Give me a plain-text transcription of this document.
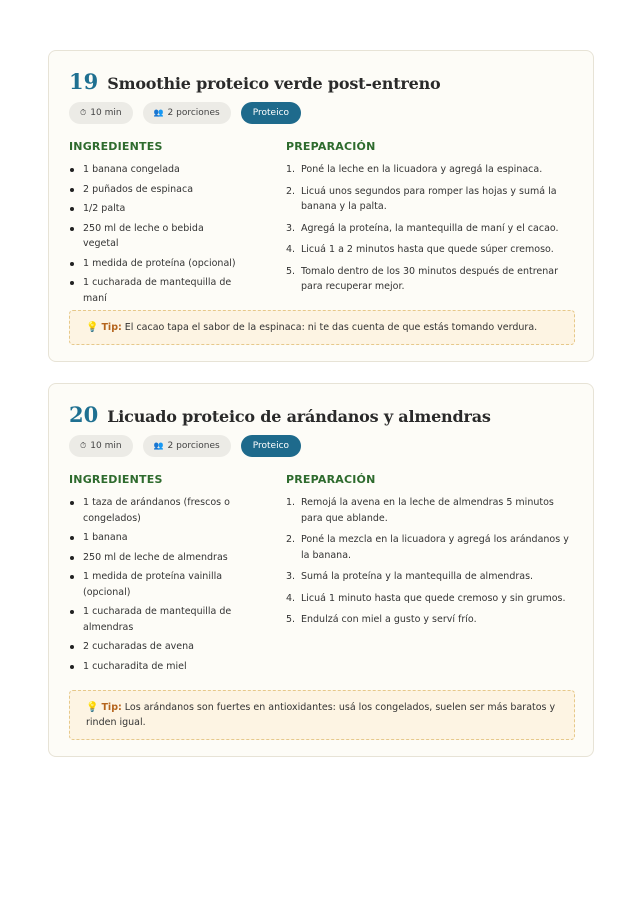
19 Smoothie proteico verde post-entreno
⏱ 10 min	👥 2 porciones	Proteico
INGREDIENTES	PREPARACIÓN
1 banana congelada
2 puñados de espinaca
1/2 palta
250 ml de leche o bebida vegetal
1 medida de proteína (opcional)
1 cucharada de mantequilla de maní
1. Poné la leche en la licuadora y agregá la espinaca.
2. Licuá unos segundos para romper las hojas y sumá la banana y la palta.
3. Agregá la proteína, la mantequilla de maní y el cacao.
4. Licuá 1 a 2 minutos hasta que quede súper cremoso.
5. Tomalo dentro de los 30 minutos después de entrenar para recuperar mejor.
💡 Tip: El cacao tapa el sabor de la espinaca: ni te das cuenta de que estás tomando verdura.
20 Licuado proteico de arándanos y almendras
⏱ 10 min	👥 2 porciones	Proteico
INGREDIENTES	PREPARACIÓN
1 taza de arándanos (frescos o congelados)
1 banana
250 ml de leche de almendras
1 medida de proteína vainilla (opcional)
1 cucharada de mantequilla de almendras
2 cucharadas de avena
1 cucharadita de miel
1. Remojá la avena en la leche de almendras 5 minutos para que ablande.
2. Poné la mezcla en la licuadora y agregá los arándanos y la banana.
3. Sumá la proteína y la mantequilla de almendras.
4. Licuá 1 minuto hasta que quede cremoso y sin grumos.
5. Endulzá con miel a gusto y serví frío.
💡 Tip: Los arándanos son fuertes en antioxidantes: usá los congelados, suelen ser más baratos y rinden igual.
